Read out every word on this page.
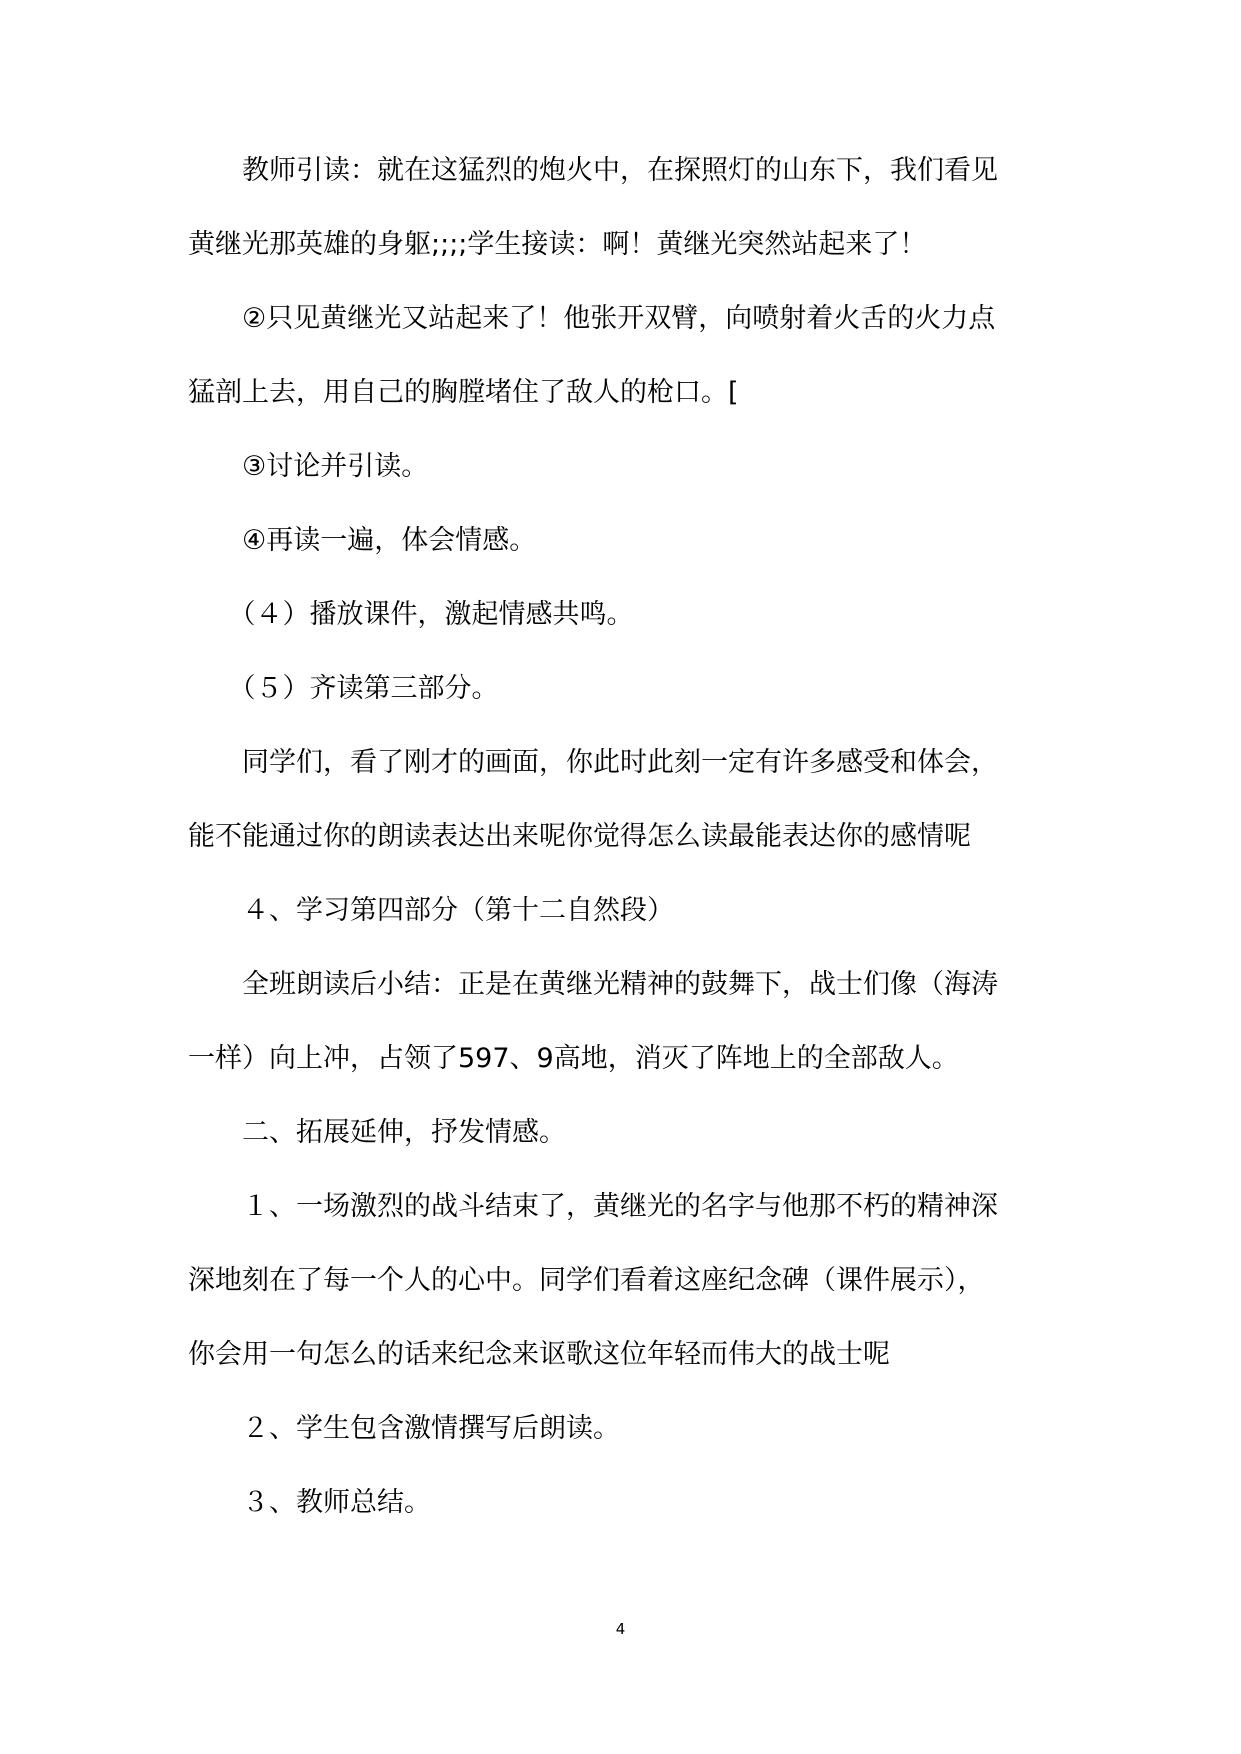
　　教师引读：就在这猛烈的炮火中，在探照灯的山东下，我们看见

黄继光那英雄的身躯;;;;学生接读：啊！黄继光突然站起来了！

　　②只见黄继光又站起来了！他张开双臂，向喷射着火舌的火力点

猛剖上去，用自己的胸膛堵住了敌人的枪口。[

　　③讨论并引读。

　　④再读一遍，体会情感。

　　（４）播放课件，激起情感共鸣。

　　（５）齐读第三部分。

　　同学们，看了刚才的画面，你此时此刻一定有许多感受和体会，

能不能通过你的朗读表达出来呢你觉得怎么读最能表达你的感情呢

　　４、学习第四部分（第十二自然段）

　　全班朗读后小结：正是在黄继光精神的鼓舞下，战士们像（海涛

一样）向上冲，占领了597、9高地，消灭了阵地上的全部敌人。

　　二、拓展延伸，抒发情感。

　　１、一场激烈的战斗结束了，黄继光的名字与他那不朽的精神深

深地刻在了每一个人的心中。同学们看着这座纪念碑（课件展示），

你会用一句怎么的话来纪念来讴歌这位年轻而伟大的战士呢

　　２、学生包含激情撰写后朗读。

　　３、教师总结。

4
